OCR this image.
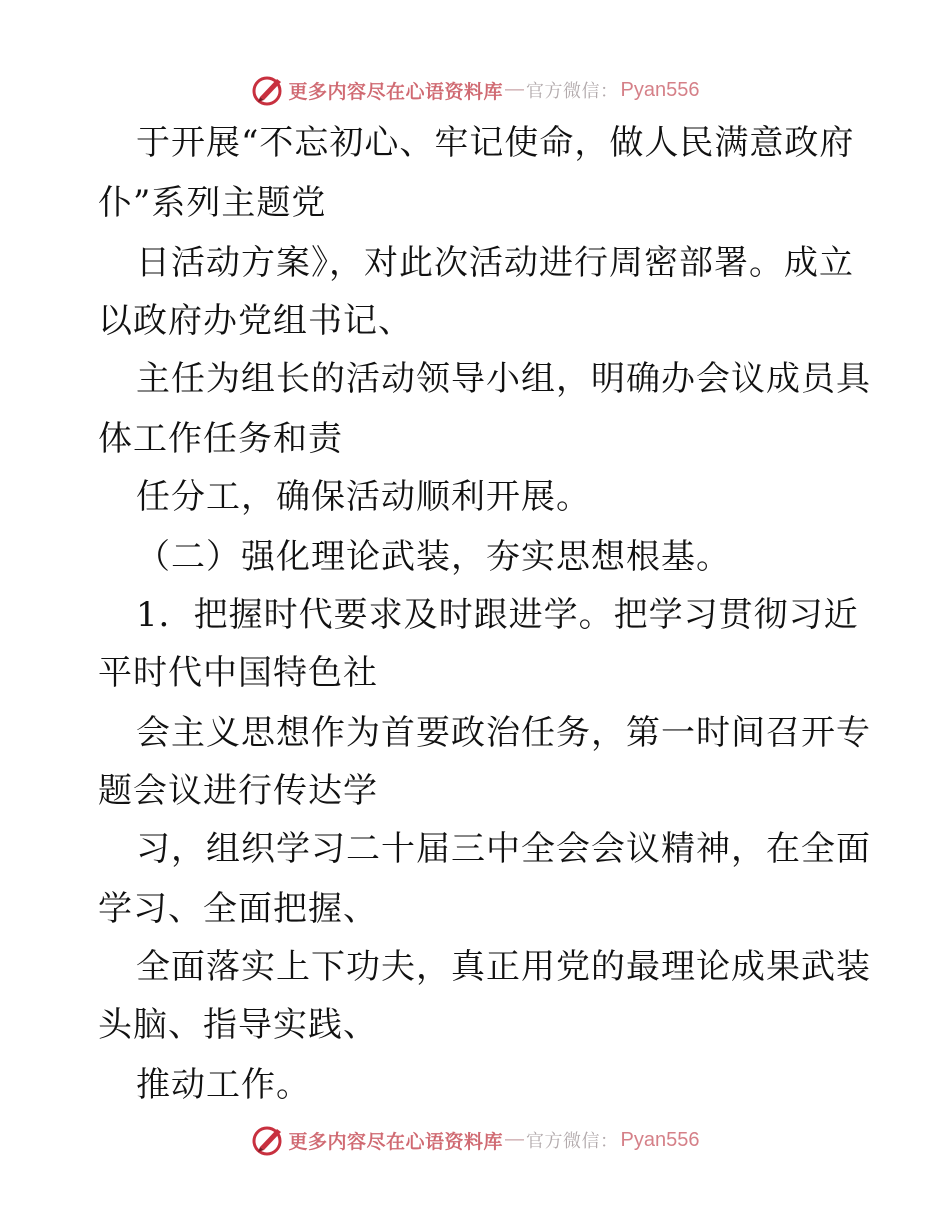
更多内容尽在心语资料库 — 官方微信： Pyan556
于开展“不忘初心、牢记使命，做人民满意政府
仆”系列主题党
日活动方案》，对此次活动进行周密部署。成立
以政府办党组书记、
主任为组长的活动领导小组，明确办会议成员具
体工作任务和责
任分工，确保活动顺利开展。
（二）强化理论武装，夯实思想根基。
1．把握时代要求及时跟进学。把学习贯彻习近
平时代中国特色社
会主义思想作为首要政治任务，第一时间召开专
题会议进行传达学
习，组织学习二十届三中全会会议精神，在全面
学习、全面把握、
全面落实上下功夫，真正用党的最理论成果武装
头脑、指导实践、
推动工作。
更多内容尽在心语资料库 — 官方微信： Pyan556
